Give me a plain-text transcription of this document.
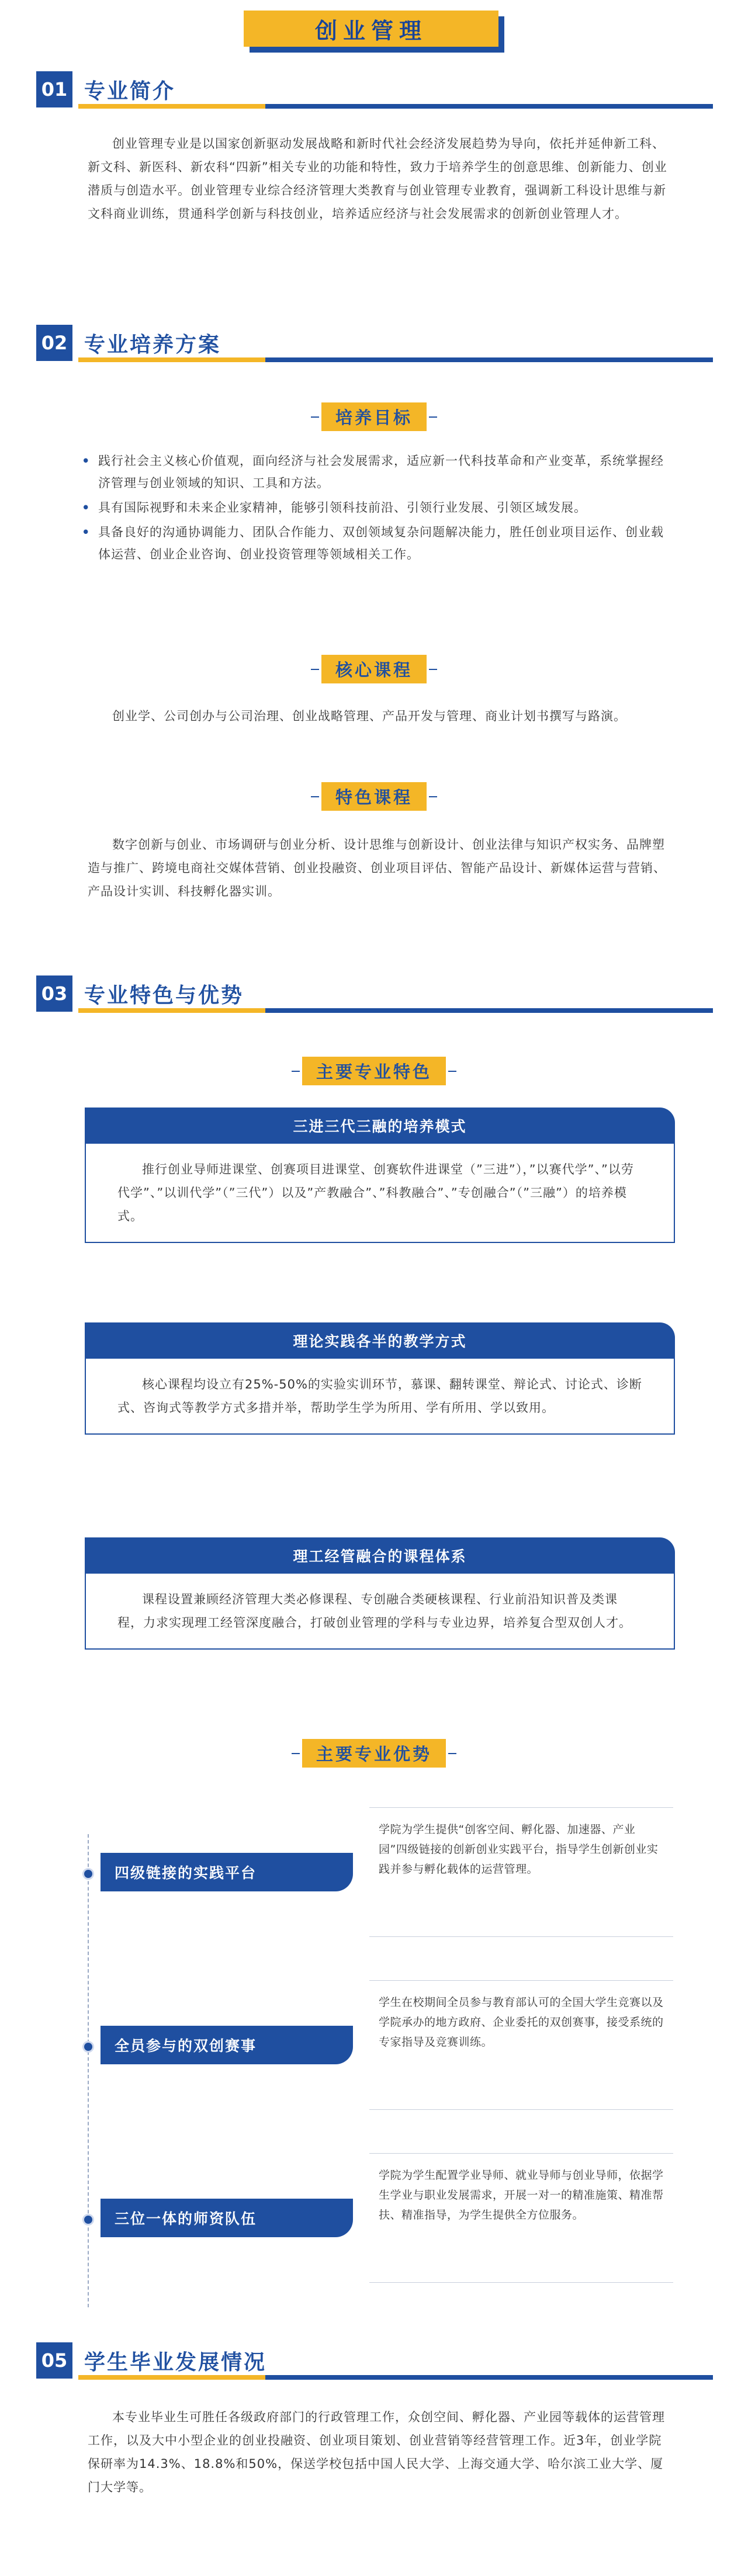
创业管理
01 专业简介

创业管理专业是以国家创新驱动发展战略和新时代社会经济发展趋势为导向，依托并延伸新工科、新文科、新医科、新农科“四新”相关专业的功能和特性，致力于培养学生的创意思维、创新能力、创业潜质与创造水平。创业管理专业综合经济管理大类教育与创业管理专业教育，强调新工科设计思维与新文科商业训练，贯通科学创新与科技创业，培养适应经济与社会发展需求的创新创业管理人才。

02 专业培养方案
培养目标
• 践行社会主义核心价值观，面向经济与社会发展需求，适应新一代科技革命和产业变革，系统掌握经济管理与创业领域的知识、工具和方法。
• 具有国际视野和未来企业家精神，能够引领科技前沿、引领行业发展、引领区域发展。
• 具备良好的沟通协调能力、团队合作能力、双创领域复杂问题解决能力，胜任创业项目运作、创业载体运营、创业企业咨询、创业投资管理等领域相关工作。
核心课程

创业学、公司创办与公司治理、创业战略管理、产品开发与管理、商业计划书撰写与路演。

特色课程

数字创新与创业、市场调研与创业分析、设计思维与创新设计、创业法律与知识产权实务、品牌塑造与推广、跨境电商社交媒体营销、创业投融资、创业项目评估、智能产品设计、新媒体运营与营销、产品设计实训、科技孵化器实训。

03 专业特色与优势
主要专业特色
三进三代三融的培养模式
推行创业导师进课堂、创赛项目进课堂、创赛软件进课堂（”三进”），”以赛代学”、”以劳代学”、”以训代学”（”三代”）以及”产教融合”、”科教融合”、”专创融合”（”三融”）的培养模式。
理论实践各半的教学方式
核心课程均设立有25%-50%的实验实训环节，慕课、翻转课堂、辩论式、讨论式、诊断式、咨询式等教学方式多措并举，帮助学生学为所用、学有所用、学以致用。
理工经管融合的课程体系
课程设置兼顾经济管理大类必修课程、专创融合类硬核课程、行业前沿知识普及类课程，力求实现理工经管深度融合，打破创业管理的学科与专业边界，培养复合型双创人才。
主要专业优势
四级链接的实践平台
学院为学生提供“创客空间、孵化器、加速器、产业园”四级链接的创新创业实践平台，指导学生创新创业实践并参与孵化载体的运营管理。
全员参与的双创赛事
学生在校期间全员参与教育部认可的全国大学生竞赛以及学院承办的地方政府、企业委托的双创赛事，接受系统的专家指导及竞赛训练。
三位一体的师资队伍
学院为学生配置学业导师、就业导师与创业导师，依据学生学业与职业发展需求，开展一对一的精准施策、精准帮扶、精准指导，为学生提供全方位服务。
05 学生毕业发展情况

本专业毕业生可胜任各级政府部门的行政管理工作，众创空间、孵化器、产业园等载体的运营管理工作，以及大中小型企业的创业投融资、创业项目策划、创业营销等经营管理工作。近3年，创业学院保研率为14.3%、18.8%和50%，保送学校包括中国人民大学、上海交通大学、哈尔滨工业大学、厦门大学等。
